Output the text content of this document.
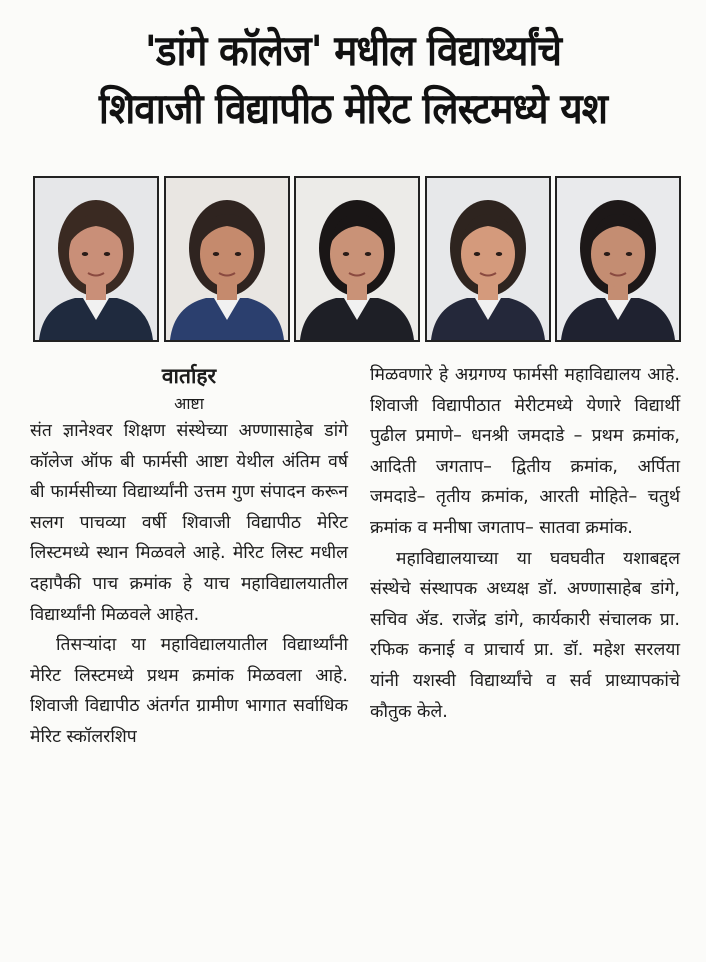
'डांगे कॉलेज' मधील विद्यार्थ्यांचे
शिवाजी विद्यापीठ मेरिट लिस्टमध्ये यश
वार्ताहर
आष्टा

संत ज्ञानेश्वर शिक्षण संस्थेच्या अण्णासाहेब डांगे कॉलेज ऑफ बी फार्मसी आष्टा येथील अंतिम वर्ष बी फार्मसीच्या विद्यार्थ्यांनी उत्तम गुण संपादन करून सलग पाचव्या वर्षी शिवाजी विद्यापीठ मेरिट लिस्टमध्ये स्थान मिळवले आहे. मेरिट लिस्ट मधील दहापैकी पाच क्रमांक हे याच महाविद्यालयातील विद्यार्थ्यांनी मिळवले आहेत.

तिसऱ्यांदा या महाविद्यालयातील विद्यार्थ्यांनी मेरिट लिस्टमध्ये प्रथम क्रमांक मिळवला आहे. शिवाजी विद्यापीठ अंतर्गत ग्रामीण भागात सर्वाधिक मेरिट स्कॉलरशिप

मिळवणारे हे अग्रगण्य फार्मसी महाविद्यालय आहे. शिवाजी विद्यापीठात मेरीटमध्ये येणारे विद्यार्थी पुढील प्रमाणे– धनश्री जमदाडे – प्रथम क्रमांक, आदिती जगताप– द्वितीय क्रमांक, अर्पिता जमदाडे– तृतीय क्रमांक, आरती मोहिते– चतुर्थ क्रमांक व मनीषा जगताप– सातवा क्रमांक.

महाविद्यालयाच्या या घवघवीत यशाबद्दल संस्थेचे संस्थापक अध्यक्ष डॉ. अण्णासाहेब डांगे, सचिव ॲड. राजेंद्र डांगे, कार्यकारी संचालक प्रा. रफिक कनाई व प्राचार्य प्रा. डॉ. महेश सरलया यांनी यशस्वी विद्यार्थ्यांचे व सर्व प्राध्यापकांचे कौतुक केले.
